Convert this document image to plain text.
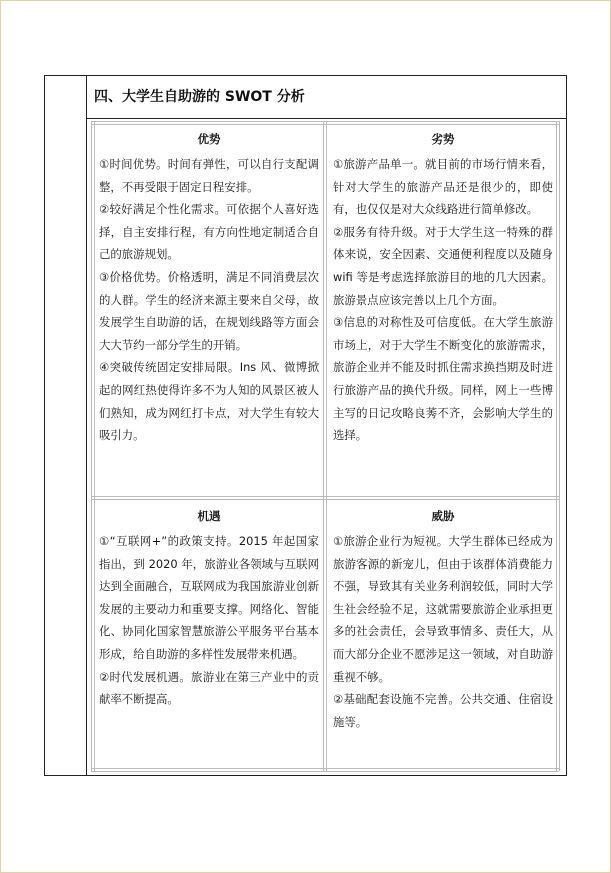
四、大学生自助游的 SWOT 分析
优势

①时间优势。时间有弹性，可以自行支配调整，不再受限于固定日程安排。

②较好满足个性化需求。可依据个人喜好选择，自主安排行程，有方向性地定制适合自己的旅游规划。

③价格优势。价格透明，满足不同消费层次的人群。学生的经济来源主要来自父母，故发展学生自助游的话，在规划线路等方面会大大节约一部分学生的开销。

④突破传统固定安排局限。Ins 风、微博掀起的网红热使得许多不为人知的风景区被人们熟知，成为网红打卡点，对大学生有较大吸引力。

劣势

①旅游产品单一。就目前的市场行情来看，针对大学生的旅游产品还是很少的，即使有，也仅仅是对大众线路进行简单修改。

②服务有待升级。对于大学生这一特殊的群体来说，安全因素、交通便利程度以及随身 wifi 等是考虑选择旅游目的地的几大因素。旅游景点应该完善以上几个方面。

③信息的对称性及可信度低。在大学生旅游市场上，对于大学生不断变化的旅游需求，旅游企业并不能及时抓住需求换挡期及时进行旅游产品的换代升级。同样，网上一些博主写的日记攻略良莠不齐，会影响大学生的选择。

机遇

①“互联网+”的政策支持。2015 年起国家指出，到 2020 年，旅游业各领域与互联网达到全面融合，互联网成为我国旅游业创新发展的主要动力和重要支撑。网络化、智能化、协同化国家智慧旅游公平服务平台基本形成，给自助游的多样性发展带来机遇。

②时代发展机遇。旅游业在第三产业中的贡献率不断提高。

威胁

①旅游企业行为短视。大学生群体已经成为旅游客源的新宠儿，但由于该群体消费能力不强，导致其有关业务利润较低，同时大学生社会经验不足，这就需要旅游企业承担更多的社会责任，会导致事情多、责任大，从而大部分企业不愿涉足这一领域，对自助游重视不够。

②基础配套设施不完善。公共交通、住宿设施等。
